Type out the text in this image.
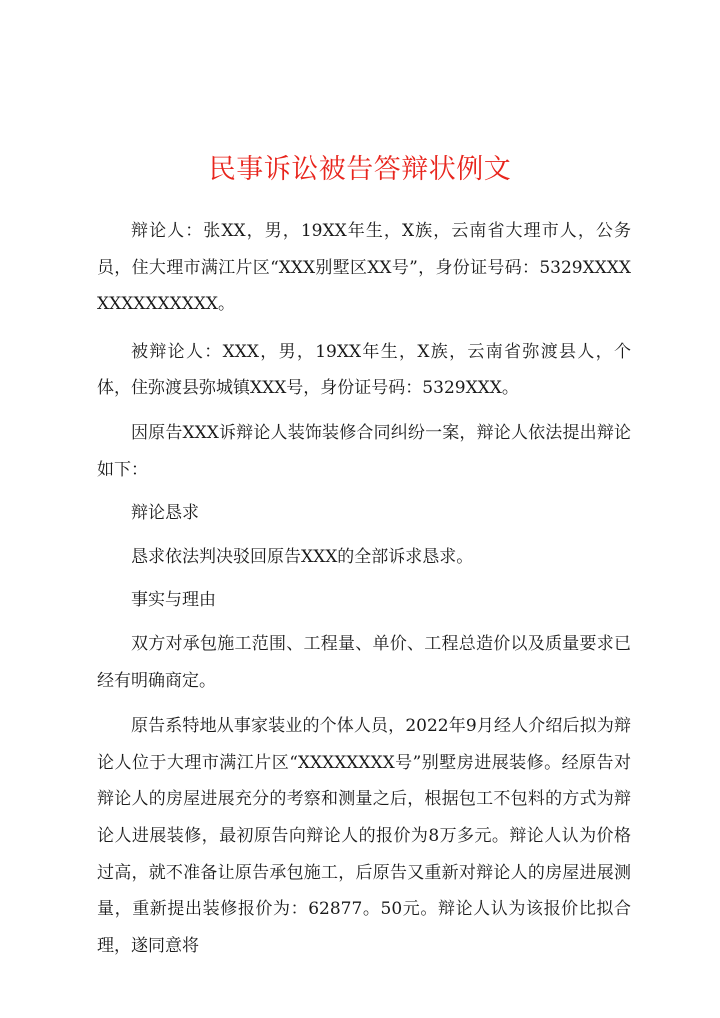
民事诉讼被告答辩状例文

辩论人：张XX，男，19XX年生，X族，云南省大理市人，公务员，住大理市满江片区“XXX别墅区XX号”，身份证号码：5329XXXXXXXXXXXXXX。

被辩论人：XXX，男，19XX年生，X族，云南省弥渡县人，个体，住弥渡县弥城镇XXX号，身份证号码：5329XXX。

因原告XXX诉辩论人装饰装修合同纠纷一案，辩论人依法提出辩论如下：

辩论恳求

恳求依法判决驳回原告XXX的全部诉求恳求。

事实与理由

双方对承包施工范围、工程量、单价、工程总造价以及质量要求已经有明确商定。

原告系特地从事家装业的个体人员，2022年9月经人介绍后拟为辩论人位于大理市满江片区“XXXXXXXX号”别墅房进展装修。经原告对辩论人的房屋进展充分的考察和测量之后，根据包工不包料的方式为辩论人进展装修，最初原告向辩论人的报价为8万多元。辩论人认为价格过高，就不准备让原告承包施工，后原告又重新对辩论人的房屋进展测量，重新提出装修报价为：62877。50元。辩论人认为该报价比拟合理，遂同意将
